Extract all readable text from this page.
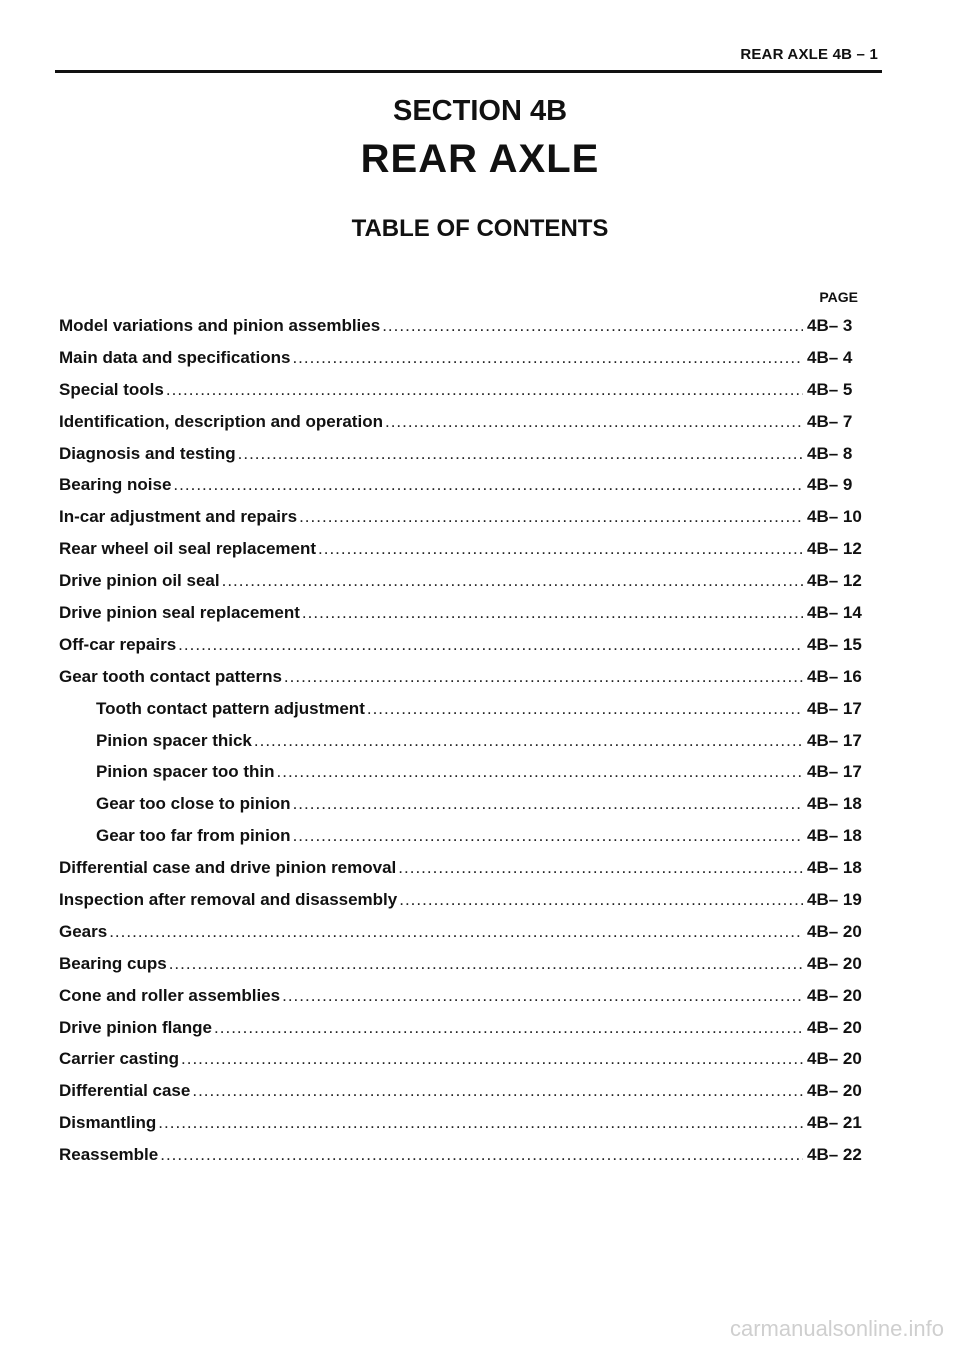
REAR AXLE 4B – 1
SECTION 4B
REAR AXLE
TABLE OF CONTENTS
PAGE
Model variations and pinion assemblies .....	4B– 3
Main data and specifications .....	4B– 4
Special tools .....	4B– 5
Identification, description and operation .....	4B– 7
Diagnosis and testing .....	4B– 8
Bearing noise .....	4B– 9
In-car adjustment and repairs .....	4B– 10
Rear wheel oil seal replacement .....	4B– 12
Drive pinion oil seal .....	4B– 12
Drive pinion seal replacement .....	4B– 14
Off-car repairs .....	4B– 15
Gear tooth contact patterns .....	4B– 16
Tooth contact pattern adjustment .....	4B– 17
Pinion spacer thick .....	4B– 17
Pinion spacer too thin .....	4B– 17
Gear too close to pinion .....	4B– 18
Gear too far from pinion .....	4B– 18
Differential case and drive pinion removal .....	4B– 18
Inspection after removal and disassembly .....	4B– 19
Gears .....	4B– 20
Bearing cups .....	4B– 20
Cone and roller assemblies .....	4B– 20
Drive pinion flange .....	4B– 20
Carrier casting .....	4B– 20
Differential case .....	4B– 20
Dismantling .....	4B– 21
Reassemble .....	4B– 22
carmanualsonline.info
